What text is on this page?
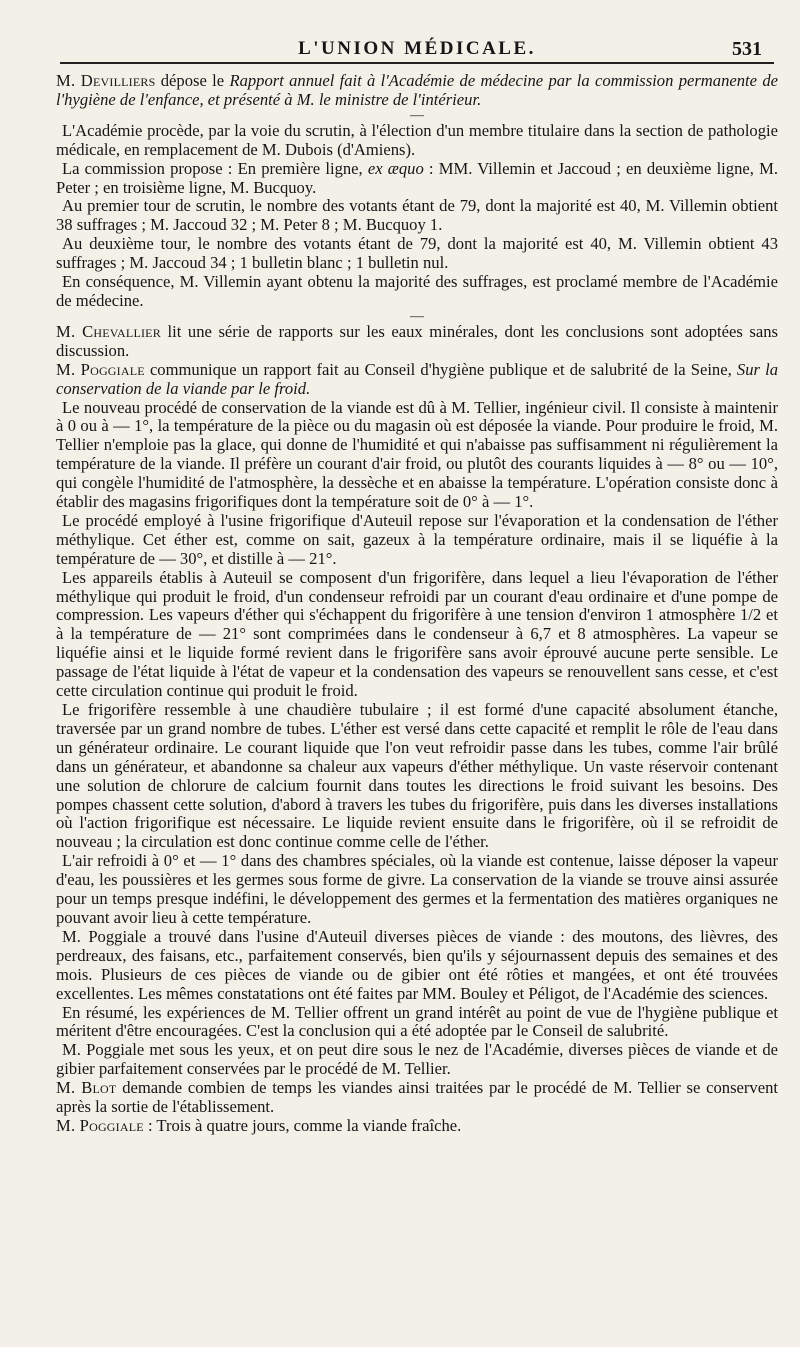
L'UNION MÉDICALE.	531

M. Devilliers dépose le Rapport annuel fait à l'Académie de médecine par la commission permanente de l'hygiène de l'enfance, et présenté à M. le ministre de l'intérieur.

—

L'Académie procède, par la voie du scrutin, à l'élection d'un membre titulaire dans la section de pathologie médicale, en remplacement de M. Dubois (d'Amiens).

La commission propose : En première ligne, ex æquo : MM. Villemin et Jaccoud ; en deuxième ligne, M. Peter ; en troisième ligne, M. Bucquoy.

Au premier tour de scrutin, le nombre des votants étant de 79, dont la majorité est 40, M. Villemin obtient 38 suffrages ; M. Jaccoud 32 ; M. Peter 8 ; M. Bucquoy 1.

Au deuxième tour, le nombre des votants étant de 79, dont la majorité est 40, M. Villemin obtient 43 suffrages ; M. Jaccoud 34 ; 1 bulletin blanc ; 1 bulletin nul.

En conséquence, M. Villemin ayant obtenu la majorité des suffrages, est proclamé membre de l'Académie de médecine.

—

M. Chevallier lit une série de rapports sur les eaux minérales, dont les conclusions sont adoptées sans discussion.

M. Poggiale communique un rapport fait au Conseil d'hygiène publique et de salubrité de la Seine, Sur la conservation de la viande par le froid.

Le nouveau procédé de conservation de la viande est dû à M. Tellier, ingénieur civil. Il consiste à maintenir à 0 ou à — 1°, la température de la pièce ou du magasin où est déposée la viande. Pour produire le froid, M. Tellier n'emploie pas la glace, qui donne de l'humidité et qui n'abaisse pas suffisamment ni régulièrement la température de la viande. Il préfère un courant d'air froid, ou plutôt des courants liquides à — 8° ou — 10°, qui congèle l'humidité de l'atmosphère, la dessèche et en abaisse la température. L'opération consiste donc à établir des magasins frigorifiques dont la température soit de 0° à — 1°.

Le procédé employé à l'usine frigorifique d'Auteuil repose sur l'évaporation et la condensation de l'éther méthylique. Cet éther est, comme on sait, gazeux à la température ordinaire, mais il se liquéfie à la température de — 30°, et distille à — 21°.

Les appareils établis à Auteuil se composent d'un frigorifère, dans lequel a lieu l'évaporation de l'éther méthylique qui produit le froid, d'un condenseur refroidi par un courant d'eau ordinaire et d'une pompe de compression. Les vapeurs d'éther qui s'échappent du frigorifère à une tension d'environ 1 atmosphère 1/2 et à la température de — 21° sont comprimées dans le condenseur à 6,7 et 8 atmosphères. La vapeur se liquéfie ainsi et le liquide formé revient dans le frigorifère sans avoir éprouvé aucune perte sensible. Le passage de l'état liquide à l'état de vapeur et la condensation des vapeurs se renouvellent sans cesse, et c'est cette circulation continue qui produit le froid.

Le frigorifère ressemble à une chaudière tubulaire ; il est formé d'une capacité absolument étanche, traversée par un grand nombre de tubes. L'éther est versé dans cette capacité et remplit le rôle de l'eau dans un générateur ordinaire. Le courant liquide que l'on veut refroidir passe dans les tubes, comme l'air brûlé dans un générateur, et abandonne sa chaleur aux vapeurs d'éther méthylique. Un vaste réservoir contenant une solution de chlorure de calcium fournit dans toutes les directions le froid suivant les besoins. Des pompes chassent cette solution, d'abord à travers les tubes du frigorifère, puis dans les diverses installations où l'action frigorifique est nécessaire. Le liquide revient ensuite dans le frigorifère, où il se refroidit de nouveau ; la circulation est donc continue comme celle de l'éther.

L'air refroidi à 0° et — 1° dans des chambres spéciales, où la viande est contenue, laisse déposer la vapeur d'eau, les poussières et les germes sous forme de givre. La conservation de la viande se trouve ainsi assurée pour un temps presque indéfini, le développement des germes et la fermentation des matières organiques ne pouvant avoir lieu à cette température.

M. Poggiale a trouvé dans l'usine d'Auteuil diverses pièces de viande : des moutons, des lièvres, des perdreaux, des faisans, etc., parfaitement conservés, bien qu'ils y séjournassent depuis des semaines et des mois. Plusieurs de ces pièces de viande ou de gibier ont été rôties et mangées, et ont été trouvées excellentes. Les mêmes constatations ont été faites par MM. Bouley et Péligot, de l'Académie des sciences.

En résumé, les expériences de M. Tellier offrent un grand intérêt au point de vue de l'hygiène publique et méritent d'être encouragées. C'est la conclusion qui a été adoptée par le Conseil de salubrité.

M. Poggiale met sous les yeux, et on peut dire sous le nez de l'Académie, diverses pièces de viande et de gibier parfaitement conservées par le procédé de M. Tellier.

M. Blot demande combien de temps les viandes ainsi traitées par le procédé de M. Tellier se conservent après la sortie de l'établissement.

M. Poggiale : Trois à quatre jours, comme la viande fraîche.
